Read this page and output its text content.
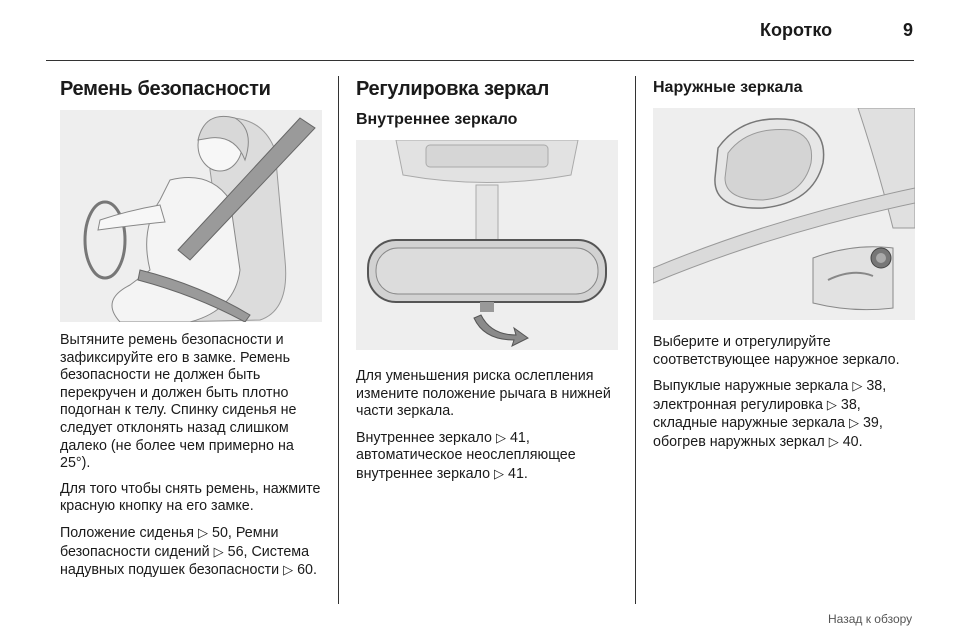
Коротко	9
Ремень безопасности

Вытяните ремень безопасности и зафиксируйте его в замке. Ремень безопасности не должен быть перекручен и должен быть плотно подогнан к телу. Спинку сиденья не следует отклонять назад слишком далеко (не более чем примерно на 25°).

Для того чтобы снять ремень, нажмите красную кнопку на его замке.

Положение сиденья ▷ 50, Ремни безопасности сидений ▷ 56, Система надувных подушек безопасности ▷ 60.

Регулировка зеркал
Внутреннее зеркало

Для уменьшения риска ослепления измените положение рычага в нижней части зеркала.

Внутреннее зеркало ▷ 41, автоматическое неослепляющее внутреннее зеркало ▷ 41.

Наружные зеркала

Выберите и отрегулируйте соответствующее наружное зеркало.

Выпуклые наружные зеркала ▷ 38, электронная регулировка ▷ 38, складные наружные зеркала ▷ 39, обогрев наружных зеркал ▷ 40.

Назад к обзору
